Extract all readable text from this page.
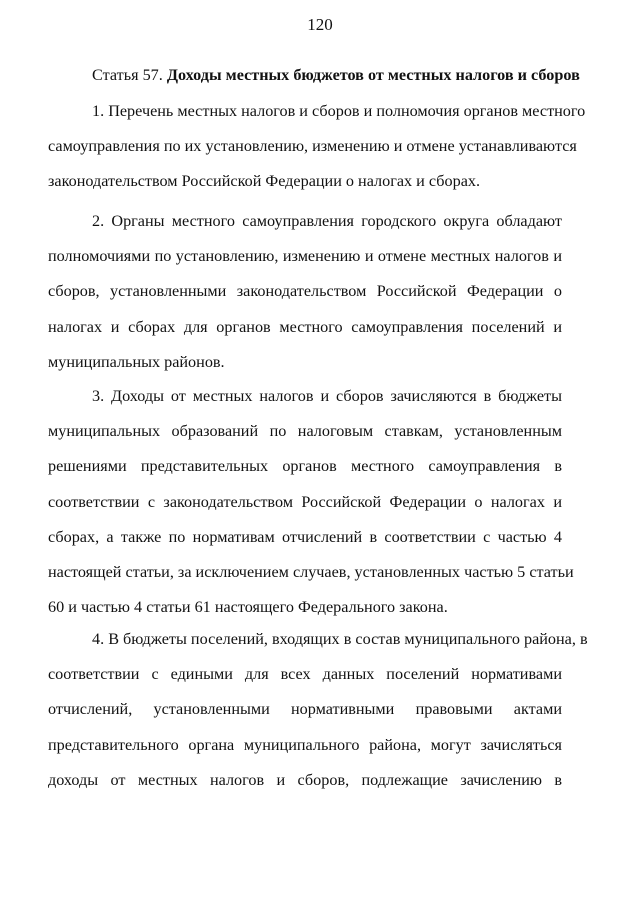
120
Статья 57. Доходы местных бюджетов от местных налогов и сборов
1. Перечень местных налогов и сборов и полномочия органов местного
самоуправления по их установлению, изменению и отмене устанавливаются
законодательством Российской Федерации о налогах и сборах.
2. Органы местного самоуправления городского округа обладают
полномочиями по установлению, изменению и отмене местных налогов и
сборов, установленными законодательством Российской Федерации о
налогах и сборах для органов местного самоуправления поселений и
муниципальных районов.
3. Доходы от местных налогов и сборов зачисляются в бюджеты
муниципальных образований по налоговым ставкам, установленным
решениями представительных органов местного самоуправления в
соответствии с законодательством Российской Федерации о налогах и
сборах, а также по нормативам отчислений в соответствии с частью 4
настоящей статьи, за исключением случаев, установленных частью 5 статьи
60 и частью 4 статьи 61 настоящего Федерального закона.
4. В бюджеты поселений, входящих в состав муниципального района, в
соответствии с едиными для всех данных поселений нормативами
отчислений, установленными нормативными правовыми актами
представительного органа муниципального района, могут зачисляться
доходы от местных налогов и сборов, подлежащие зачислению в
